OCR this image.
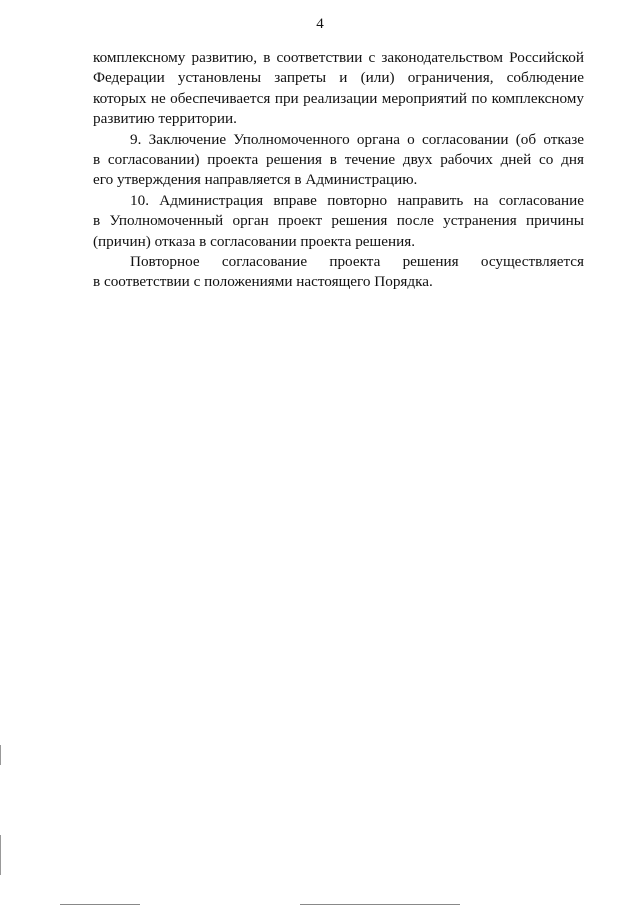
4
комплексному развитию, в соответствии с законодательством Российской
Федерации установлены запреты и (или) ограничения, соблюдение
которых не обеспечивается при реализации мероприятий по комплексному
развитию территории.
9. Заключение Уполномоченного органа о согласовании (об отказе
в согласовании) проекта решения в течение двух рабочих дней со дня
его утверждения направляется в Администрацию.
10. Администрация вправе повторно направить на согласование
в Уполномоченный орган проект решения после устранения причины
(причин) отказа в согласовании проекта решения.
Повторное согласование проекта решения осуществляется
в соответствии с положениями настоящего Порядка.
